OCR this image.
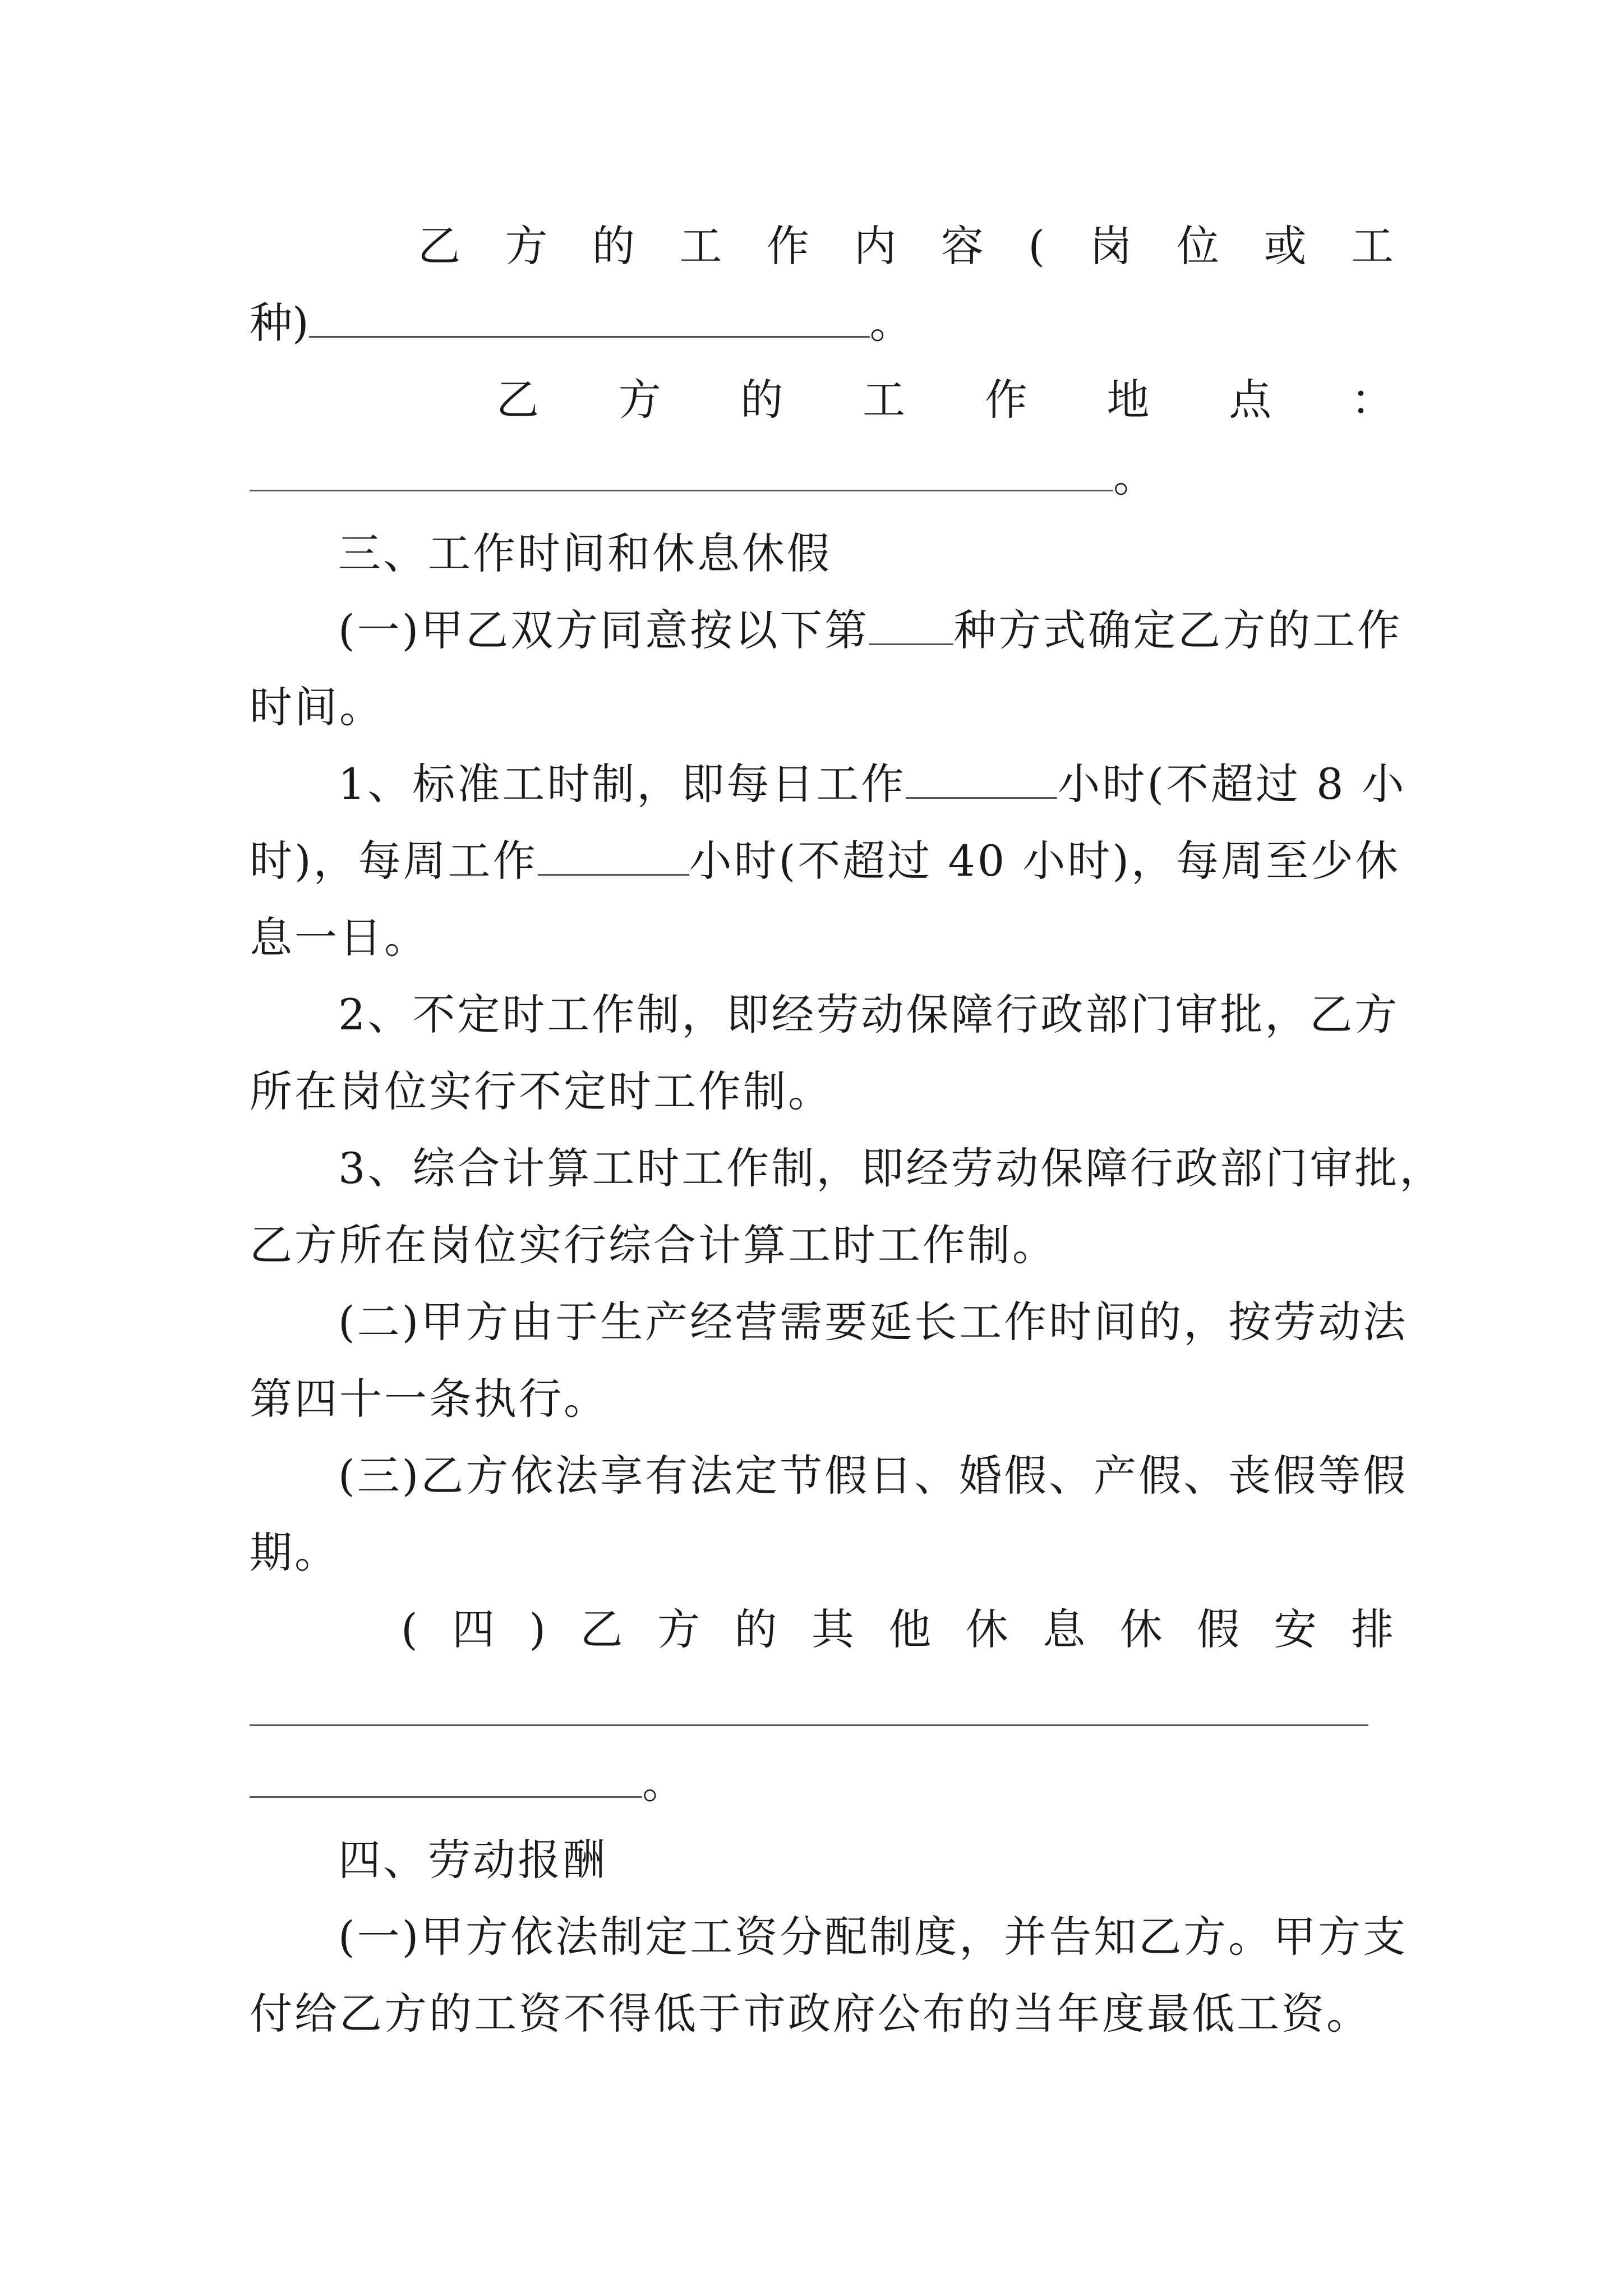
乙 方 的 工 作 内 容 ( 岗 位 或 工
种)	。
乙 方 的 工 作 地 点 ：
。
三、工作时间和休息休假
(一)甲乙双方同意按以下第 种方式确定乙方的工作
时间。
1、标准工时制，即每日工作	小时(不超过 8 小
时)，每周工作	小时(不超过 40 小时)，每周至少休
息一日。
2、不定时工作制，即经劳动保障行政部门审批，乙方
所在岗位实行不定时工作制。
3、综合计算工时工作制，即经劳动保障行政部门审批，
乙方所在岗位实行综合计算工时工作制。
(二)甲方由于生产经营需要延长工作时间的，按劳动法
第四十一条执行。
(三)乙方依法享有法定节假日、婚假、产假、丧假等假
期。
( 四 ) 乙 方 的 其 他 休 息 休 假 安 排
。
四、劳动报酬
(一)甲方依法制定工资分配制度，并告知乙方。甲方支
付给乙方的工资不得低于市政府公布的当年度最低工资。
